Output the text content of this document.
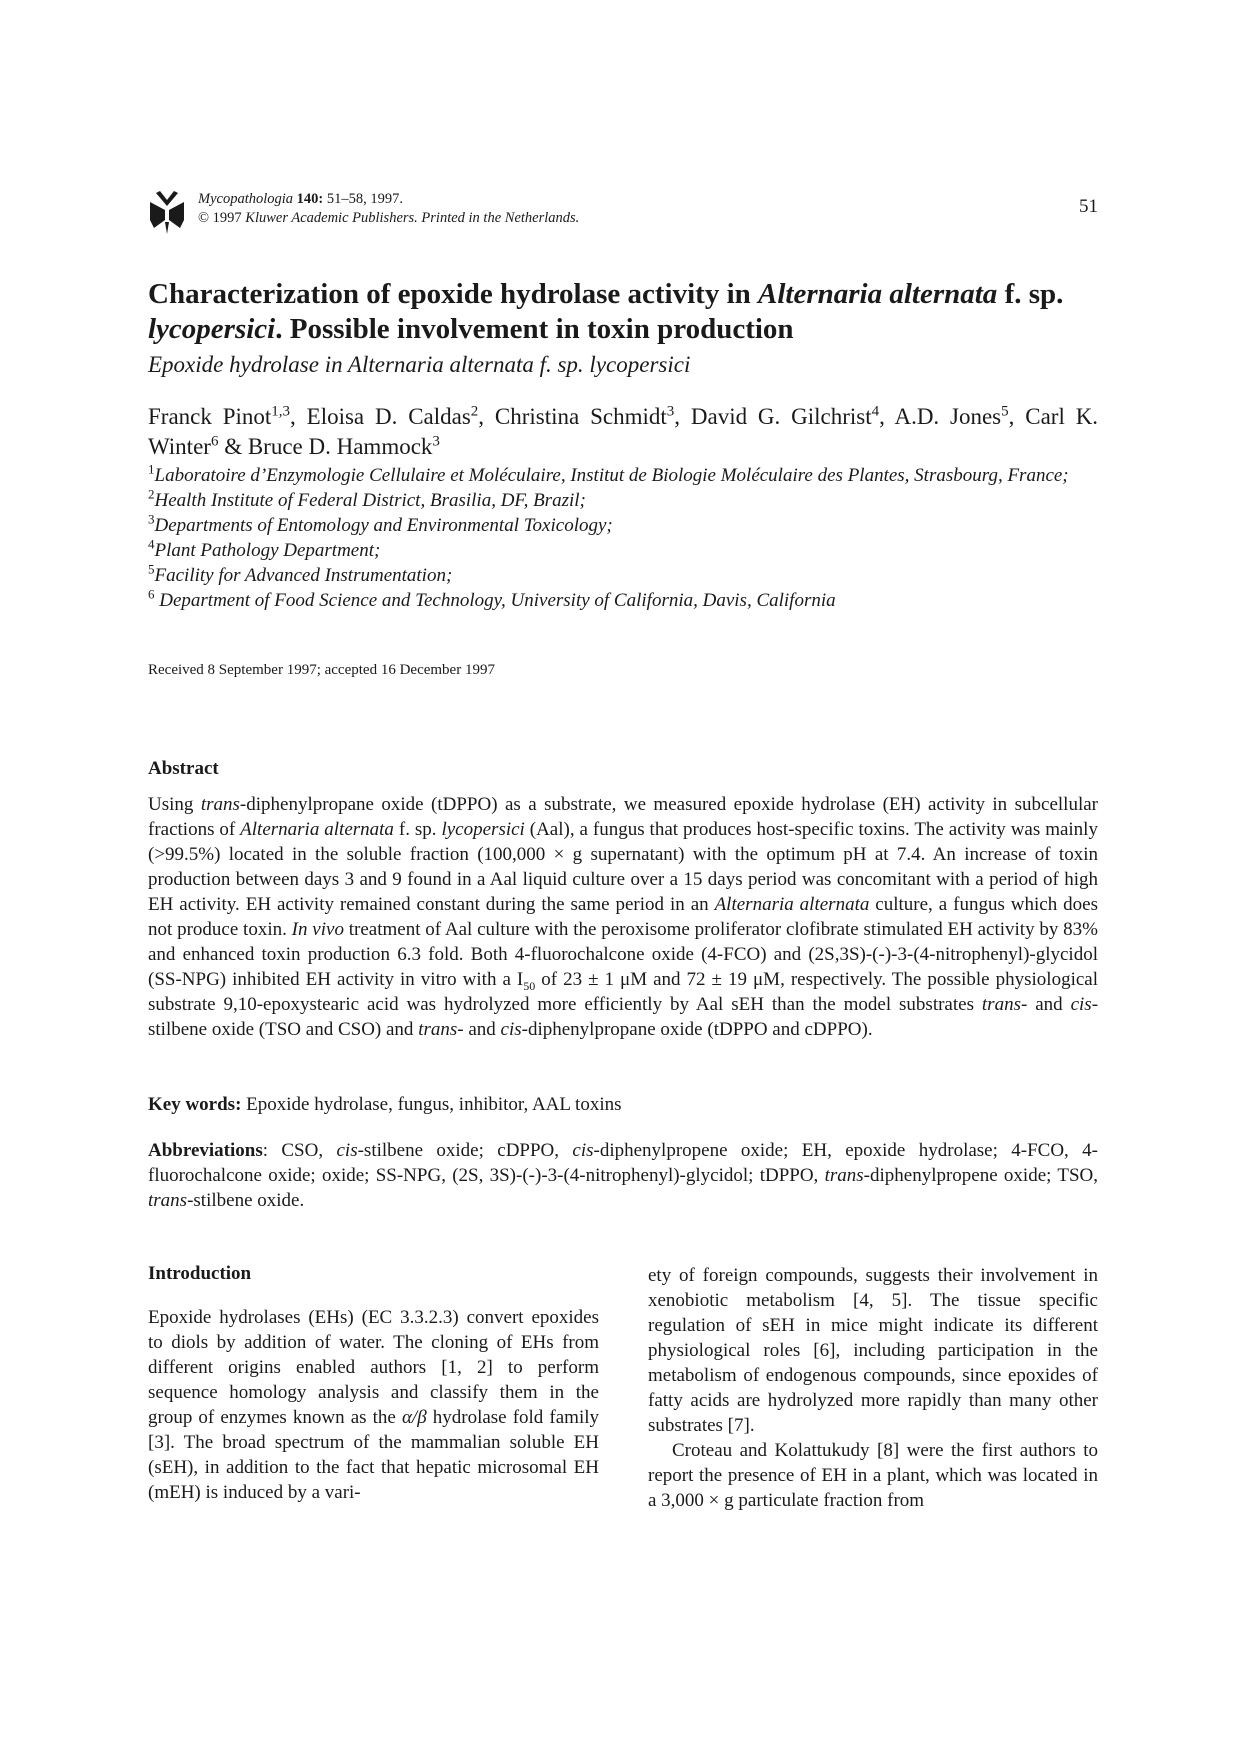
Mycopathologia 140: 51–58, 1997.
© 1997 Kluwer Academic Publishers. Printed in the Netherlands.
51
Characterization of epoxide hydrolase activity in Alternaria alternata f. sp. lycopersici. Possible involvement in toxin production
Epoxide hydrolase in Alternaria alternata f. sp. lycopersici
Franck Pinot$^{1,3}$, Eloisa D. Caldas$^2$, Christina Schmidt$^3$, David G. Gilchrist$^4$, A.D. Jones$^5$, Carl K. Winter$^6$ & Bruce D. Hammock$^3$
$^1$Laboratoire d’Enzymologie Cellulaire et Moléculaire, Institut de Biologie Moléculaire des Plantes, Strasbourg, France;
$^2$Health Institute of Federal District, Brasilia, DF, Brazil;
$^3$Departments of Entomology and Environmental Toxicology;
$^4$Plant Pathology Department;
$^5$Facility for Advanced Instrumentation;
$^6$ Department of Food Science and Technology, University of California, Davis, California
Received 8 September 1997; accepted 16 December 1997
Abstract

Using trans-diphenylpropane oxide (tDPPO) as a substrate, we measured epoxide hydrolase (EH) activity in subcellular fractions of Alternaria alternata f. sp. lycopersici (Aal), a fungus that produces host-specific toxins. The activity was mainly (>99.5%) located in the soluble fraction (100,000 × g supernatant) with the optimum pH at 7.4. An increase of toxin production between days 3 and 9 found in a Aal liquid culture over a 15 days period was concomitant with a period of high EH activity. EH activity remained constant during the same period in an Alternaria alternata culture, a fungus which does not produce toxin. In vivo treatment of Aal culture with the peroxisome proliferator clofibrate stimulated EH activity by 83% and enhanced toxin production 6.3 fold. Both 4-fluorochalcone oxide (4-FCO) and (2S,3S)-(-)-3-(4-nitrophenyl)-glycidol (SS-NPG) inhibited EH activity in vitro with a $I_{50}$ of 23 ± 1 μM and 72 ± 19 μM, respectively. The possible physiological substrate 9,10-epoxystearic acid was hydrolyzed more efficiently by Aal sEH than the model substrates trans- and cis-stilbene oxide (TSO and CSO) and trans- and cis-diphenylpropane oxide (tDPPO and cDPPO).

Key words: Epoxide hydrolase, fungus, inhibitor, AAL toxins

Abbreviations: CSO, cis-stilbene oxide; cDPPO, cis-diphenylpropene oxide; EH, epoxide hydrolase; 4-FCO, 4-fluorochalcone oxide; oxide; SS-NPG, (2S, 3S)-(-)-3-(4-nitrophenyl)-glycidol; tDPPO, trans-diphenylpropene oxide; TSO, trans-stilbene oxide.

Introduction

Epoxide hydrolases (EHs) (EC 3.3.2.3) convert epoxides to diols by addition of water. The cloning of EHs from different origins enabled authors [1, 2] to perform sequence homology analysis and classify them in the group of enzymes known as the α/β hydrolase fold family [3]. The broad spectrum of the mammalian soluble EH (sEH), in addition to the fact that hepatic microsomal EH (mEH) is induced by a vari-

ety of foreign compounds, suggests their involvement in xenobiotic metabolism [4, 5]. The tissue specific regulation of sEH in mice might indicate its different physiological roles [6], including participation in the metabolism of endogenous compounds, since epoxides of fatty acids are hydrolyzed more rapidly than many other substrates [7].

Croteau and Kolattukudy [8] were the first authors to report the presence of EH in a plant, which was located in a 3,000 × g particulate fraction from
